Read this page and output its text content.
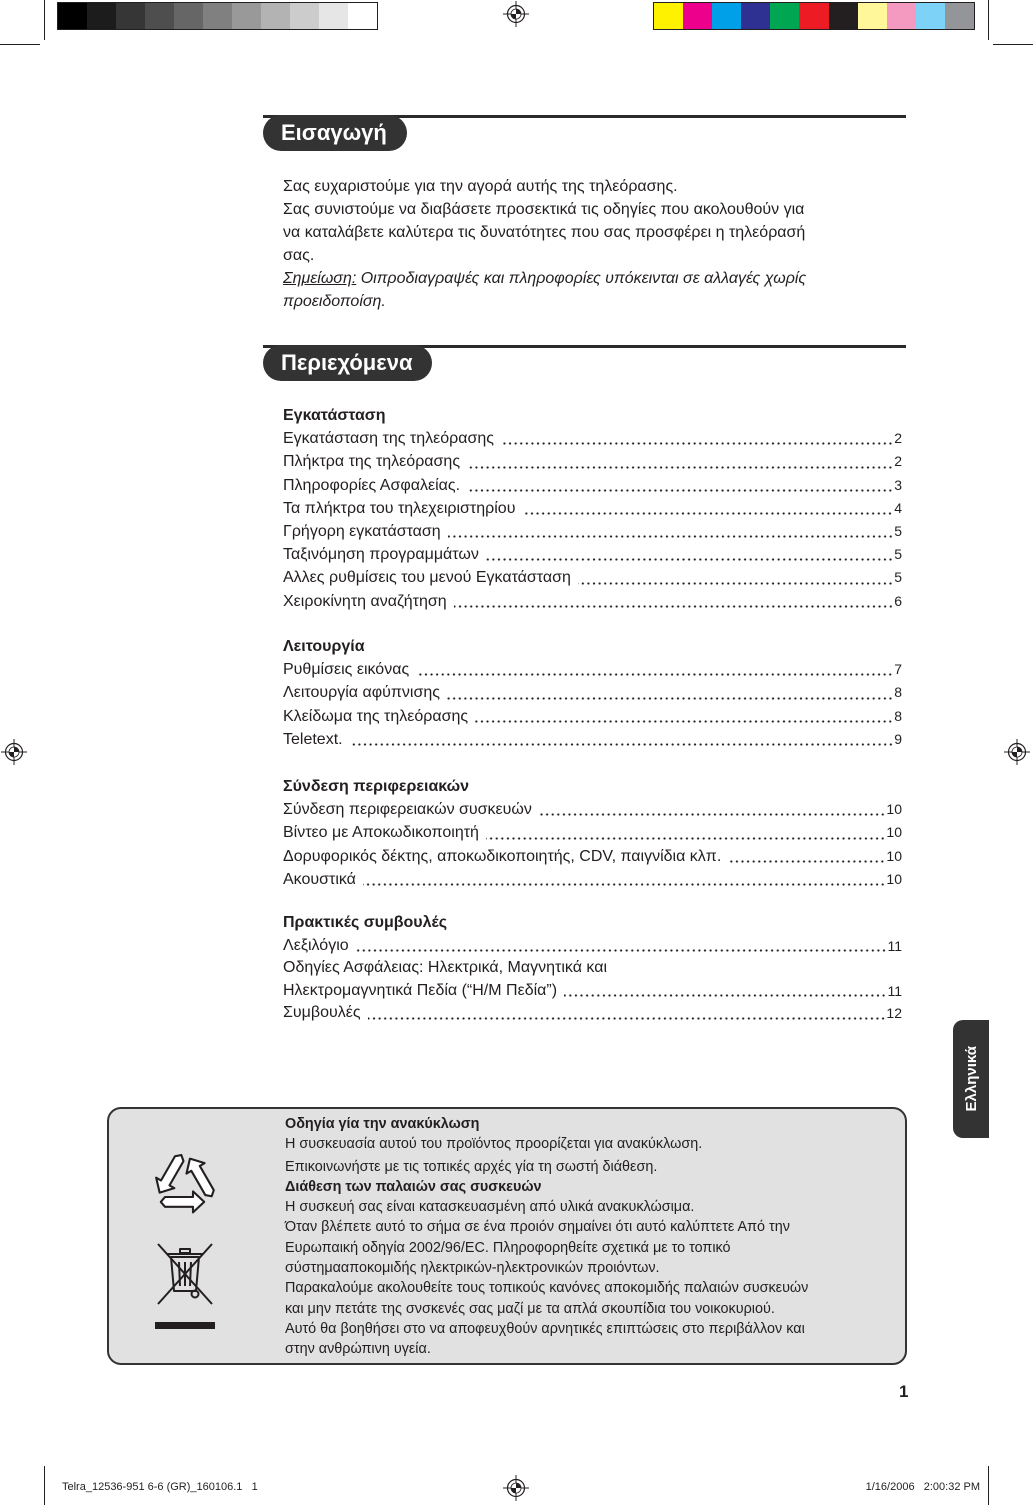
Εισαγωγή
Σας ευχαριστούμε για την αγορά αυτής της τηλεόρασης.
Σας συνιστούμε να διαβάσετε προσεκτικά τις οδηγίες που ακολουθούν για
να καταλάβετε καλύτερα τις δυνατότητες που σας προσφέρει η τηλεόρασή
σας.
Σημείωση: Οιπροδιαγραψές και πληροφορίες υπόκεινται σε αλλαγές χωρίς
προειδοποίση.
Περιεχόμενα
Εγκατάσταση
Εγκατάσταση της τηλεόρασης	2
Πλήκτρα της τηλεόρασης	2
Πληροφορίες Ασφαλείας.	3
Τα πλήκτρα του τηλεχειριστηρίου	4
Γρήγορη εγκατάσταση	5
Ταξινόμηση προγραμμάτων	5
Αλλες ρυθμίσεις του μενού Εγκατάσταση	5
Χειροκίνητη αναζήτηση	6
Λειτουργία
Ρυθμίσεις εικόνας	7
Λειτουργία αφύπνισης	8
Κλείδωμα της τηλεόρασης	8
Teletext.	9
Σύνδεση περιφερειακών
Σύνδεση περιφερειακών συσκευών	10
Βίντεο με Αποκωδικοποιητή	10
Δορυφορικός δέκτης, αποκωδικοποιητής, CDV, παιγνίδια κλπ.	10
Ακουστικά	10
Πρακτικές συμβουλές
Λεξιλόγιο	11
Οδηγίες Ασφάλειας: Ηλεκτρικά, Μαγνητικά και
Ηλεκτρομαγνητικά Πεδία (“H/M Πεδία”)	11
Συμβουλές	12
Ελληνικά
Οδηγία γία την ανακύκλωση
Η συσκευασία αυτού του προϊόντος προορίζεται για ανακύκλωση.
Επικοινωνήστε με τις τοπικές αρχές γία τη σωστή διάθεση.
Διάθεση των παλαιών σας συσκευών
Η συσκευή σας είναι κατασκευασμένη από υλικά ανακυκλώσιμα.
Όταν βλέπετε αυτό το σήμα σε ένα προιόν σημαίνει ότι αυτό καλύπτετε Από την
Ευρωπαική οδηγία 2002/96/EC. Πληροφορηθείτε σχετικά με το τοπικό
σύστημααποκομιδής ηλεκτρικών-ηλεκτρονικών προιόντων.
Παρακαλούμε ακολουθείτε τους τοπικούς κανόνες αποκομιδής παλαιών συσκευών
και μην πετάτε της σνσκενές σας μαζί με τα απλά σκουπίδια του νοικοκυριού.
Αυτό θα βοηθήσει στο να αποφευχθούν αρνητικές επιπτώσεις στο περιβάλλον και
στην ανθρώπινη υγεία.
1
Telra_12536-951 6-6 (GR)_160106.1   1	1/16/2006   2:00:32 PM
